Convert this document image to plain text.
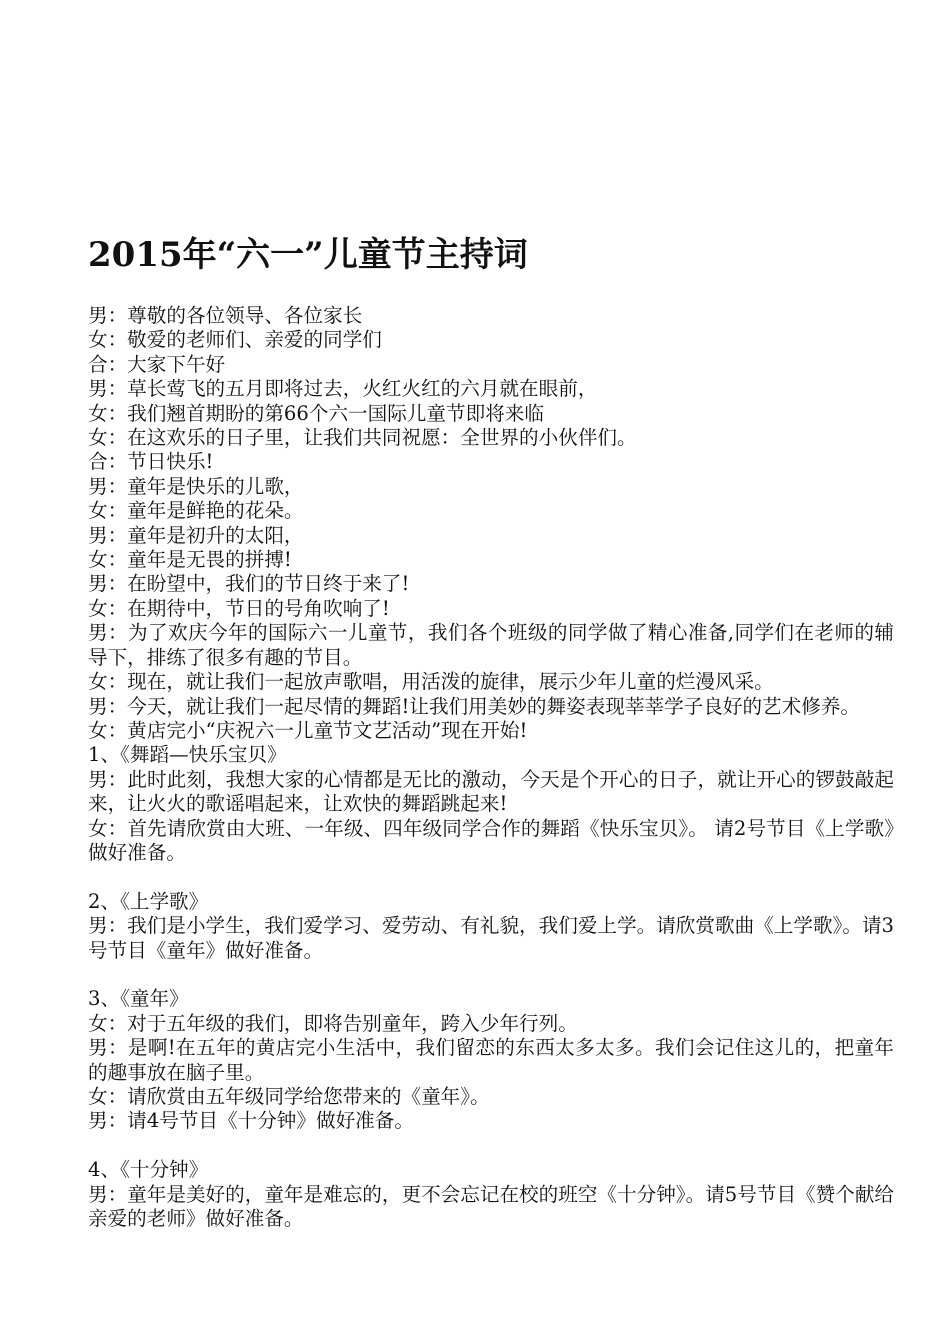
2015年“六一”儿童节主持词
男：尊敬的各位领导、各位家长
女：敬爱的老师们、亲爱的同学们
合：大家下午好
男：草长莺飞的五月即将过去，火红火红的六月就在眼前，
女：我们翘首期盼的第66个六一国际儿童节即将来临
女：在这欢乐的日子里，让我们共同祝愿：全世界的小伙伴们。
合：节日快乐!
男：童年是快乐的儿歌，
女：童年是鲜艳的花朵。
男：童年是初升的太阳，
女：童年是无畏的拼搏!
男：在盼望中，我们的节日终于来了!
女：在期待中，节日的号角吹响了!
男：为了欢庆今年的国际六一儿童节，我们各个班级的同学做了精心准备,同学们在老师的辅导下，排练了很多有趣的节目。
女：现在，就让我们一起放声歌唱，用活泼的旋律，展示少年儿童的烂漫风采。
男：今天，就让我们一起尽情的舞蹈!让我们用美妙的舞姿表现莘莘学子良好的艺术修养。
女：黄店完小“庆祝六一儿童节文艺活动”现在开始!
1、《舞蹈—快乐宝贝》
男：此时此刻，我想大家的心情都是无比的激动，今天是个开心的日子，就让开心的锣鼓敲起来，让火火的歌谣唱起来，让欢快的舞蹈跳起来!
女：首先请欣赏由大班、一年级、四年级同学合作的舞蹈《快乐宝贝》。 请2号节目《上学歌》做好准备。
2、《上学歌》
男：我们是小学生，我们爱学习、爱劳动、有礼貌，我们爱上学。请欣赏歌曲《上学歌》。请3号节目《童年》做好准备。
3、《童年》
女：对于五年级的我们，即将告别童年，跨入少年行列。
男：是啊!在五年的黄店完小生活中，我们留恋的东西太多太多。我们会记住这儿的，把童年的趣事放在脑子里。
女：请欣赏由五年级同学给您带来的《童年》。
男：请4号节目《十分钟》做好准备。
4、《十分钟》
男：童年是美好的，童年是难忘的，更不会忘记在校的班空《十分钟》。请5号节目《赞个献给亲爱的老师》做好准备。
